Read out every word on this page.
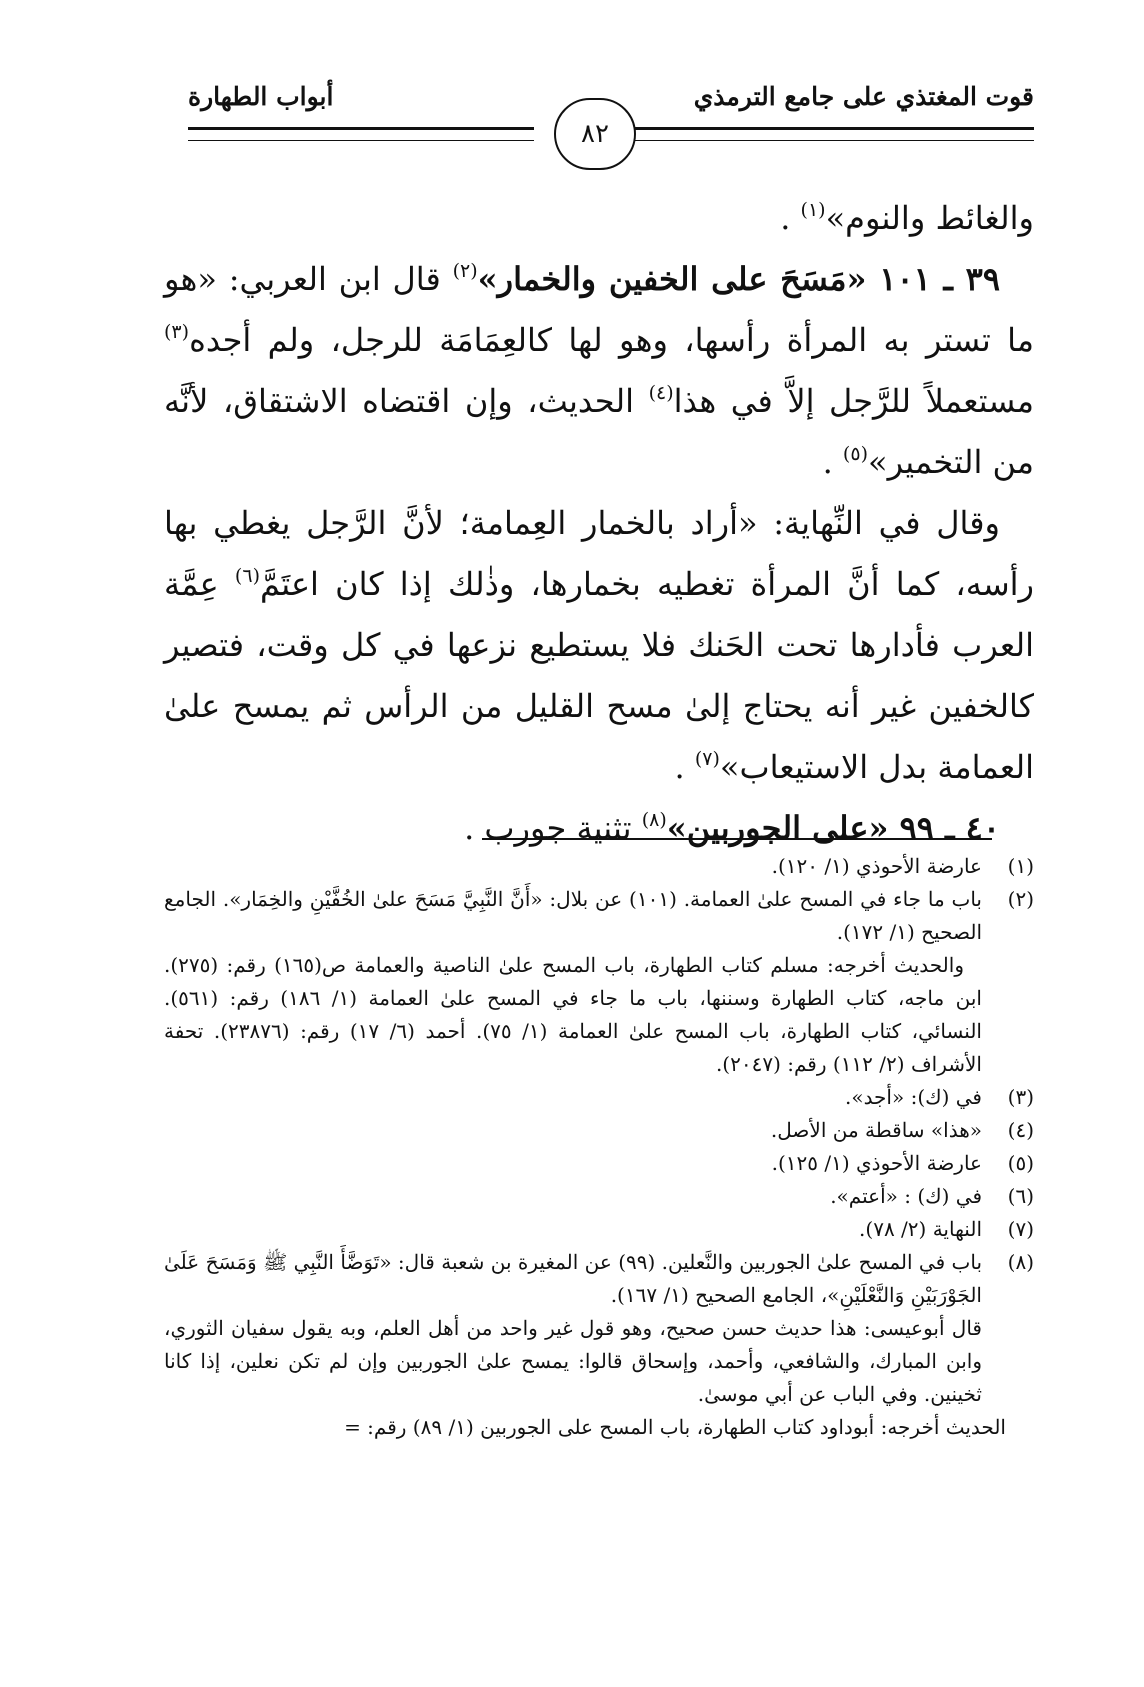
قوت المغتذي على جامع الترمذي
أبواب الطهارة
٨٢

والغائط والنوم»$^{(١)}$ .

٣٩ ـ ١٠١ «مَسَحَ على الخفين والخمار»$^{(٢)}$ قال ابن العربي: «هو ما تستر به المرأة رأسها، وهو لها كالعِمَامَة للرجل، ولم أجده$^{(٣)}$ مستعملاً للرَّجل إلاَّ في هذا$^{(٤)}$ الحديث، وإن اقتضاه الاشتقاق، لأنَّه من التخمير»$^{(٥)}$ .

وقال في النِّهاية: «أراد بالخمار العِمامة؛ لأنَّ الرَّجل يغطي بها رأسه، كما أنَّ المرأة تغطيه بخمارها، وذٰلك إذا كان اعتَمَّ$^{(٦)}$ عِمَّة العرب فأدارها تحت الحَنك فلا يستطيع نزعها في كل وقت، فتصير كالخفين غير أنه يحتاج إلىٰ مسح القليل من الرأس ثم يمسح علىٰ العمامة بدل الاستيعاب»$^{(٧)}$ .

٤٠ ـ ٩٩ «على الجوربين»$^{(٨)}$ تثنية جورب .

(١)
عارضة الأحوذي (١/ ١٢٠).
(٢)
باب ما جاء في المسح علىٰ العمامة. (١٠١) عن بلال: «أَنَّ النَّبِيَّ مَسَحَ علىٰ الخُفَّيْنِ والخِمَار». الجامع الصحيح (١/ ١٧٢).
والحديث أخرجه: مسلم كتاب الطهارة، باب المسح علىٰ الناصية والعمامة ص(١٦٥) رقم: (٢٧٥). ابن ماجه، كتاب الطهارة وسننها، باب ما جاء في المسح علىٰ العمامة (١/ ١٨٦) رقم: (٥٦١). النسائي، كتاب الطهارة، باب المسح علىٰ العمامة (١/ ٧٥). أحمد (٦/ ١٧) رقم: (٢٣٨٧٦). تحفة الأشراف (٢/ ١١٢) رقم: (٢٠٤٧).
(٣)
في (ك): «أجد».
(٤)
«هذا» ساقطة من الأصل.
(٥)
عارضة الأحوذي (١/ ١٢٥).
(٦)
في (ك) : «أعتم».
(٧)
النهاية (٢/ ٧٨).
(٨)
باب في المسح علىٰ الجوربين والنَّعلين. (٩٩) عن المغيرة بن شعبة قال: «تَوَضَّأَ النَّبِي ﷺ وَمَسَحَ عَلَىٰ الجَوْرَبَيْنِ وَالنَّعْلَيْنِ»، الجامع الصحيح (١/ ١٦٧).
قال أبوعيسى: هذا حديث حسن صحيح، وهو قول غير واحد من أهل العلم، وبه يقول سفيان الثوري، وابن المبارك، والشافعي، وأحمد، وإسحاق قالوا: يمسح علىٰ الجوربين وإن لم تكن نعلين، إذا كانا ثخينين. وفي الباب عن أبي موسىٰ.
الحديث أخرجه: أبوداود كتاب الطهارة، باب المسح على الجوربين (١/ ٨٩) رقم: =
